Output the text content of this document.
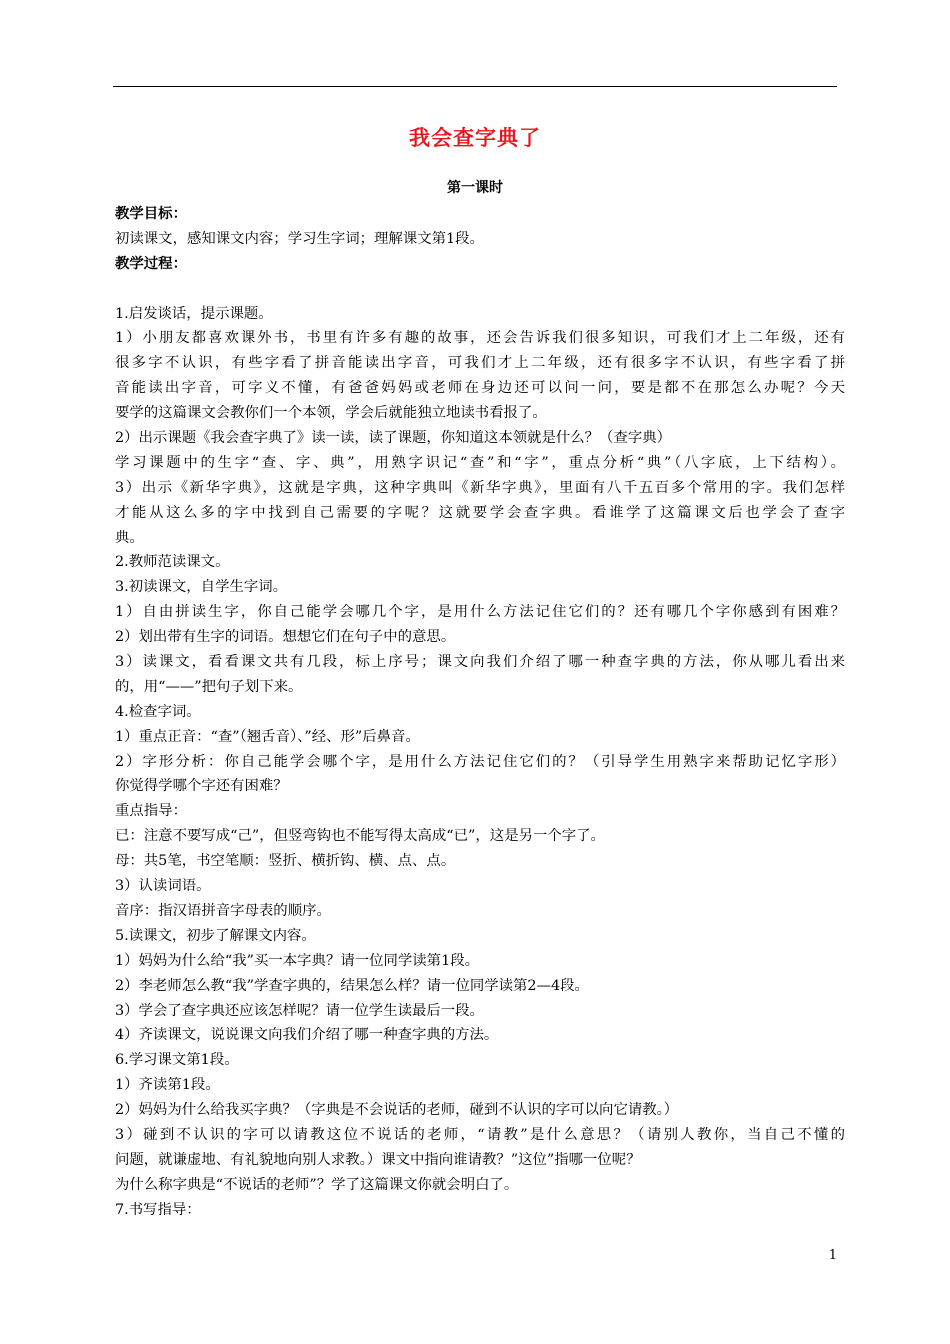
我会查字典了
第一课时
教学目标：
初读课文，感知课文内容；学习生字词；理解课文第1段。
教学过程：
1.启发谈话，提示课题。
1）小朋友都喜欢课外书，书里有许多有趣的故事，还会告诉我们很多知识，可我们才上二年级，还有
很多字不认识，有些字看了拼音能读出字音，可我们才上二年级，还有很多字不认识，有些字看了拼
音能读出字音，可字义不懂，有爸爸妈妈或老师在身边还可以问一问，要是都不在那怎么办呢？今天
要学的这篇课文会教你们一个本领，学会后就能独立地读书看报了。
2）出示课题《我会查字典了》读一读，读了课题，你知道这本领就是什么？（查字典）
学习课题中的生字“查、字、典”，用熟字识记“查”和“字”，重点分析“典”（八字底，上下结构）。
3）出示《新华字典》，这就是字典，这种字典叫《新华字典》，里面有八千五百多个常用的字。我们怎样
才能从这么多的字中找到自己需要的字呢？这就要学会查字典。看谁学了这篇课文后也学会了查字
典。
2.教师范读课文。
3.初读课文，自学生字词。
1）自由拼读生字，你自己能学会哪几个字，是用什么方法记住它们的？还有哪几个字你感到有困难？
2）划出带有生字的词语。想想它们在句子中的意思。
3）读课文，看看课文共有几段，标上序号；课文向我们介绍了哪一种查字典的方法，你从哪儿看出来
的，用“——”把句子划下来。
4.检查字词。
1）重点正音：“查”（翘舌音）、”经、形”后鼻音。
2）字形分析：你自己能学会哪个字，是用什么方法记住它们的？（引导学生用熟字来帮助记忆字形）
你觉得学哪个字还有困难？
重点指导：
已：注意不要写成“己”，但竖弯钩也不能写得太高成“已”，这是另一个字了。
母：共5笔，书空笔顺：竖折、横折钩、横、点、点。
3）认读词语。
音序：指汉语拼音字母表的顺序。
5.读课文，初步了解课文内容。
1）妈妈为什么给“我”买一本字典？请一位同学读第1段。
2）李老师怎么教“我”学查字典的，结果怎么样？请一位同学读第2—4段。
3）学会了查字典还应该怎样呢？请一位学生读最后一段。
4）齐读课文，说说课文向我们介绍了哪一种查字典的方法。
6.学习课文第1段。
1）齐读第1段。
2）妈妈为什么给我买字典？（字典是不会说话的老师，碰到不认识的字可以向它请教。）
3）碰到不认识的字可以请教这位不说话的老师，“请教”是什么意思？（请别人教你，当自己不懂的
问题，就谦虚地、有礼貌地向别人求教。）课文中指向谁请教？”这位”指哪一位呢？
为什么称字典是“不说话的老师”？学了这篇课文你就会明白了。
7.书写指导：
1
